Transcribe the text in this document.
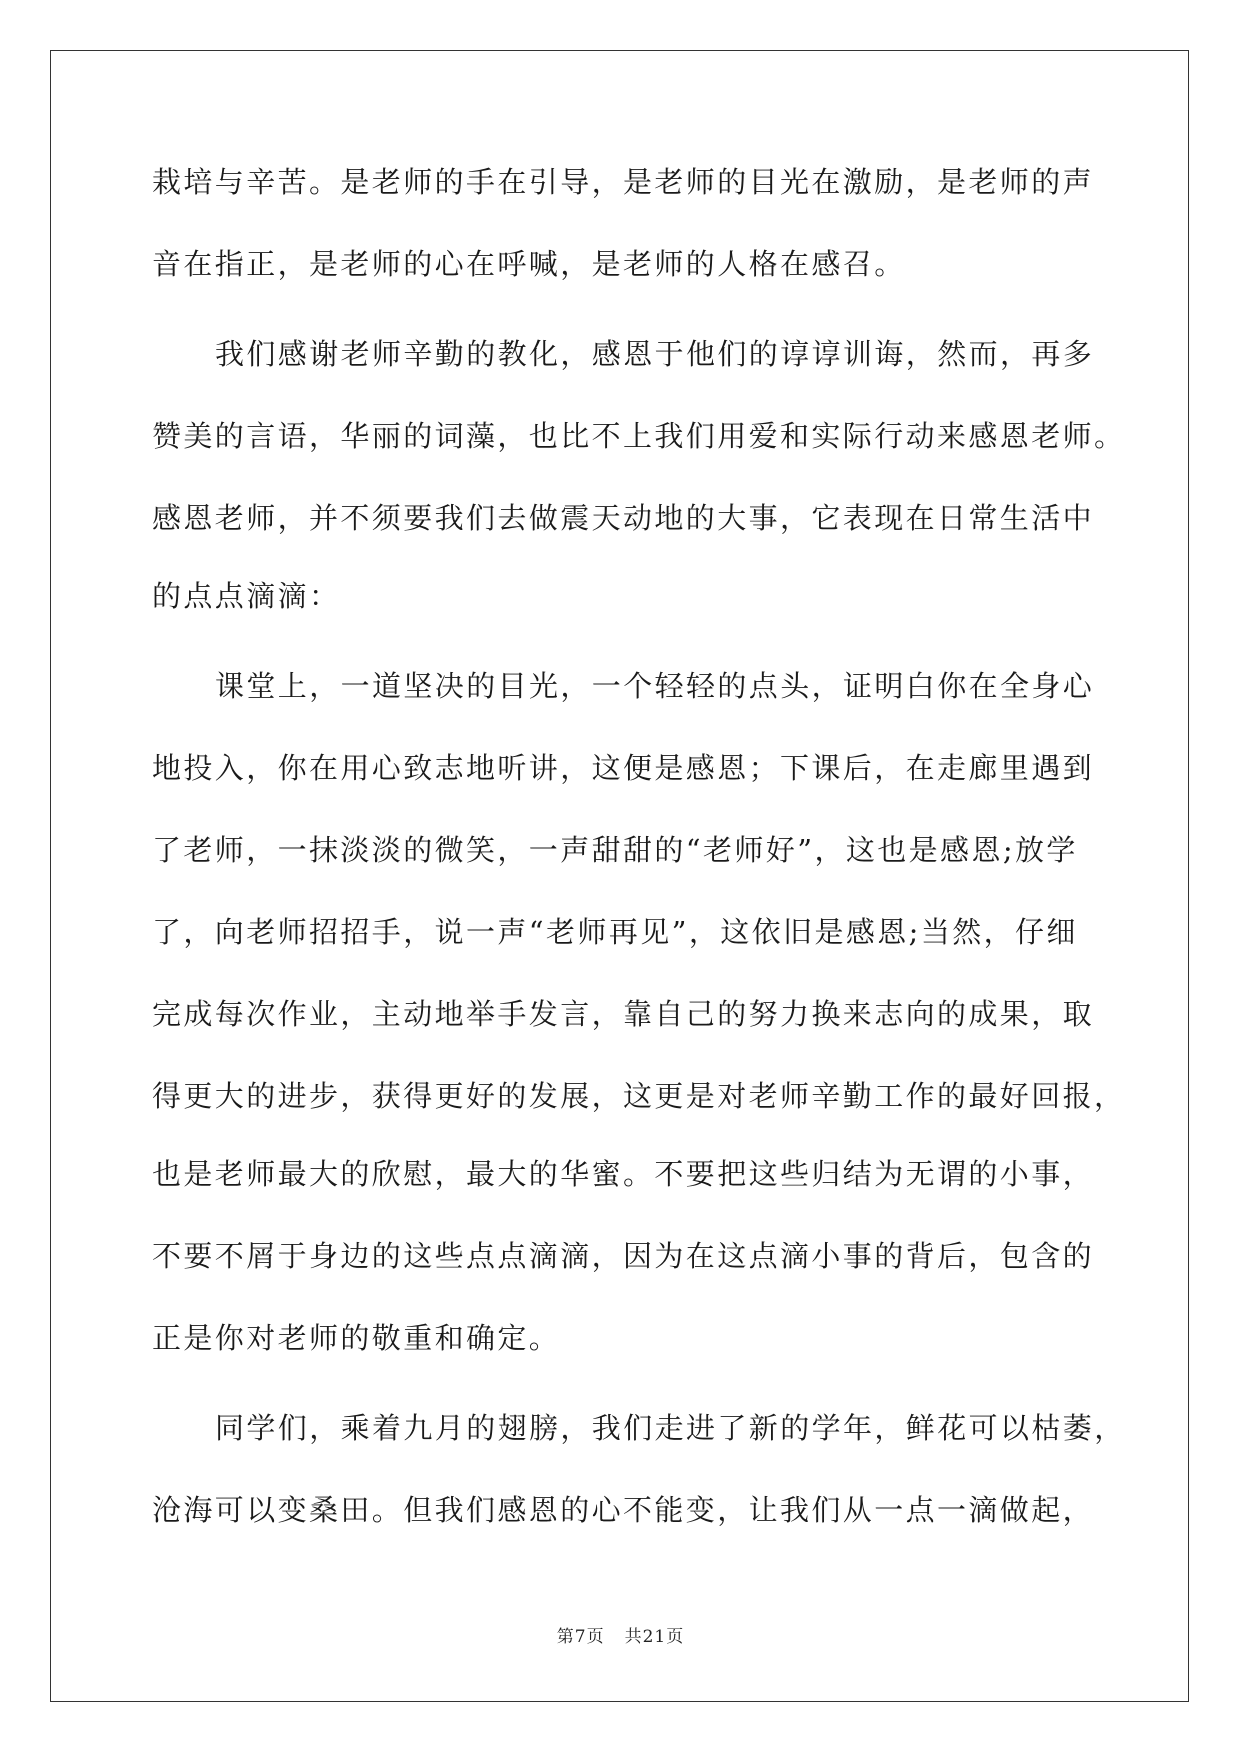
栽培与辛苦。是老师的手在引导，是老师的目光在激励，是老师的声
音在指正，是老师的心在呼喊，是老师的人格在感召。
我们感谢老师辛勤的教化，感恩于他们的谆谆训诲，然而，再多
赞美的言语，华丽的词藻，也比不上我们用爱和实际行动来感恩老师。
感恩老师，并不须要我们去做震天动地的大事，它表现在日常生活中
的点点滴滴：
课堂上，一道坚决的目光，一个轻轻的点头，证明白你在全身心
地投入，你在用心致志地听讲，这便是感恩；下课后，在走廊里遇到
了老师，一抹淡淡的微笑，一声甜甜的“老师好”，这也是感恩;放学
了，向老师招招手，说一声“老师再见”，这依旧是感恩;当然，仔细
完成每次作业，主动地举手发言，靠自己的努力换来志向的成果，取
得更大的进步，获得更好的发展，这更是对老师辛勤工作的最好回报，
也是老师最大的欣慰，最大的华蜜。不要把这些归结为无谓的小事，
不要不屑于身边的这些点点滴滴，因为在这点滴小事的背后，包含的
正是你对老师的敬重和确定。
同学们，乘着九月的翅膀，我们走进了新的学年，鲜花可以枯萎，
沧海可以变桑田。但我们感恩的心不能变，让我们从一点一滴做起，
第7页 共21页
